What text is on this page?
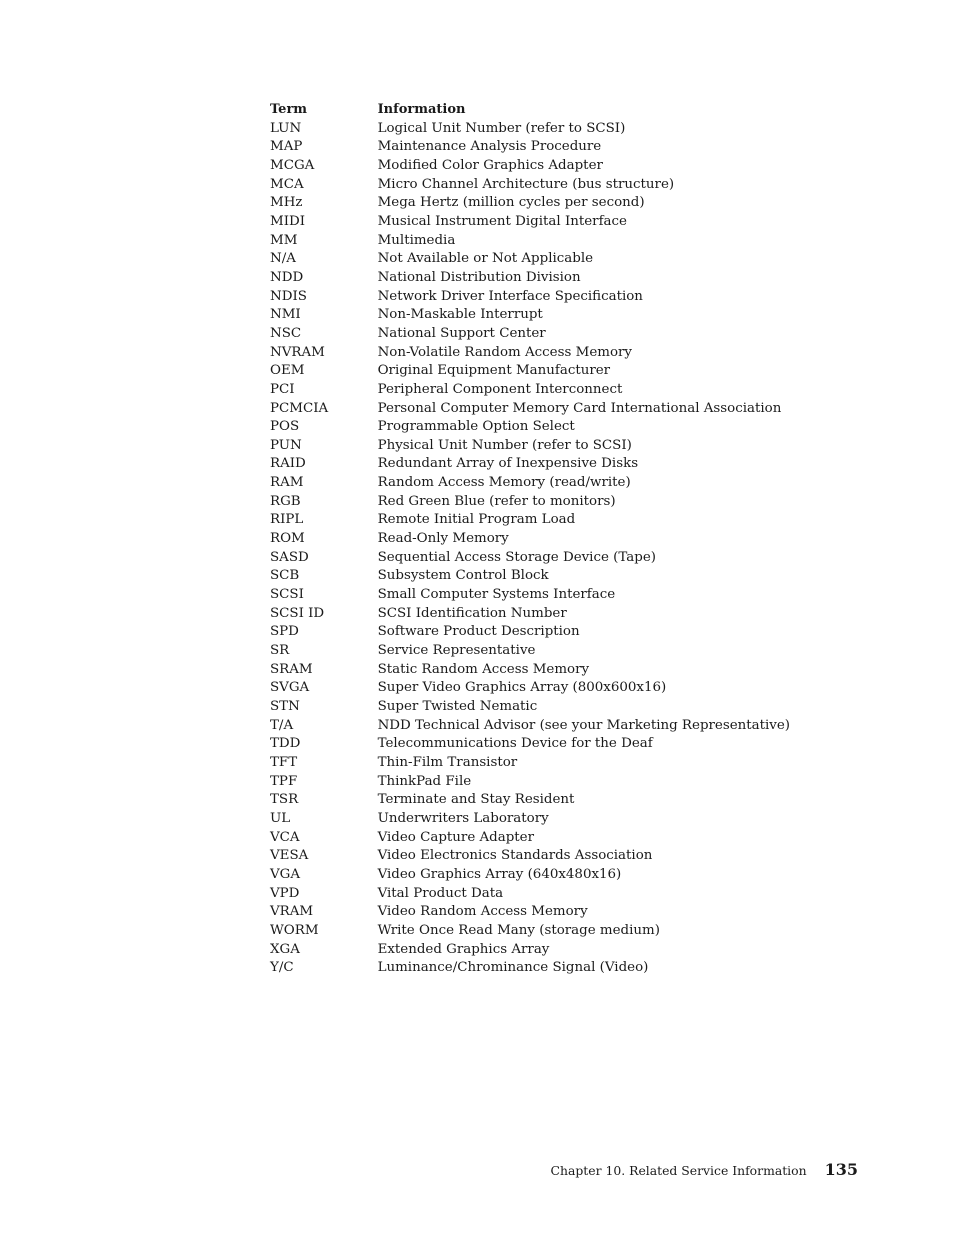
Term	Information
LUN	Logical Unit Number (refer to SCSI)
MAP	Maintenance Analysis Procedure
MCGA	Modified Color Graphics Adapter
MCA	Micro Channel Architecture (bus structure)
MHz	Mega Hertz (million cycles per second)
MIDI	Musical Instrument Digital Interface
MM	Multimedia
N/A	Not Available or Not Applicable
NDD	National Distribution Division
NDIS	Network Driver Interface Specification
NMI	Non-Maskable Interrupt
NSC	National Support Center
NVRAM	Non-Volatile Random Access Memory
OEM	Original Equipment Manufacturer
PCI	Peripheral Component Interconnect
PCMCIA	Personal Computer Memory Card International Association
POS	Programmable Option Select
PUN	Physical Unit Number (refer to SCSI)
RAID	Redundant Array of Inexpensive Disks
RAM	Random Access Memory (read/write)
RGB	Red Green Blue (refer to monitors)
RIPL	Remote Initial Program Load
ROM	Read-Only Memory
SASD	Sequential Access Storage Device (Tape)
SCB	Subsystem Control Block
SCSI	Small Computer Systems Interface
SCSI ID	SCSI Identification Number
SPD	Software Product Description
SR	Service Representative
SRAM	Static Random Access Memory
SVGA	Super Video Graphics Array (800x600x16)
STN	Super Twisted Nematic
T/A	NDD Technical Advisor (see your Marketing Representative)
TDD	Telecommunications Device for the Deaf
TFT	Thin-Film Transistor
TPF	ThinkPad File
TSR	Terminate and Stay Resident
UL	Underwriters Laboratory
VCA	Video Capture Adapter
VESA	Video Electronics Standards Association
VGA	Video Graphics Array (640x480x16)
VPD	Vital Product Data
VRAM	Video Random Access Memory
WORM	Write Once Read Many (storage medium)
XGA	Extended Graphics Array
Y/C	Luminance/Chrominance Signal (Video)
Chapter 10. Related Service Information 135
